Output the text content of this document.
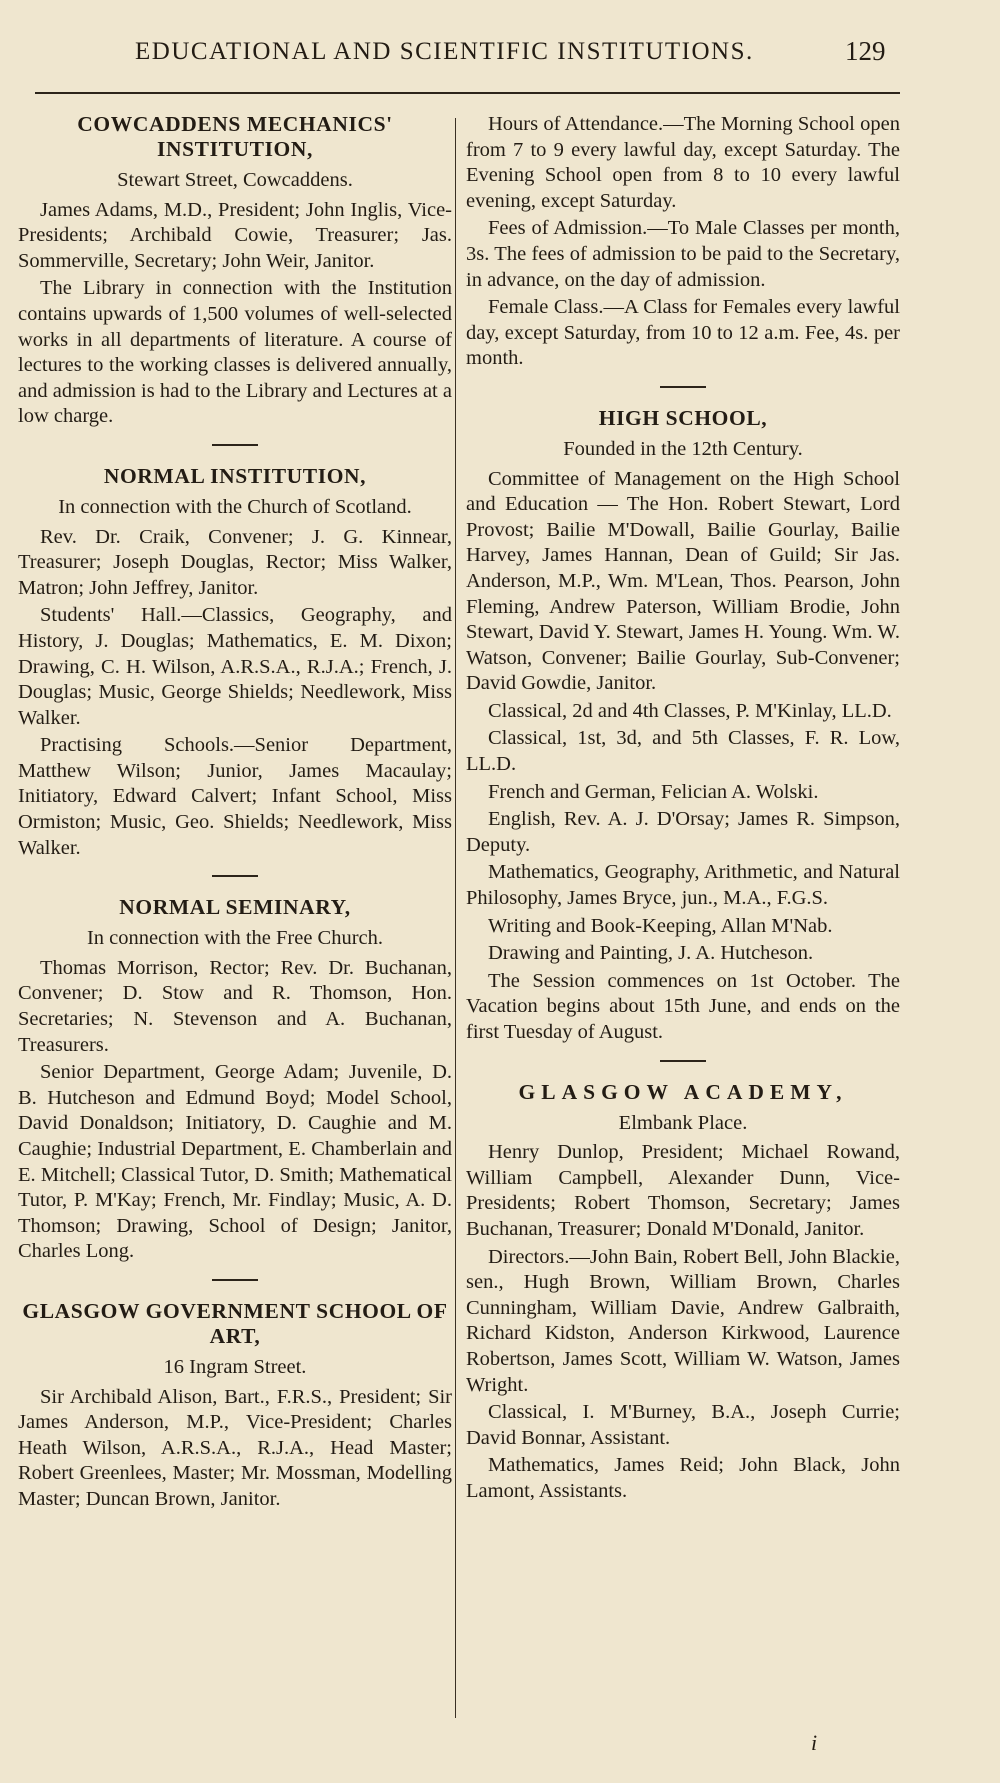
EDUCATIONAL AND SCIENTIFIC INSTITUTIONS.	129
COWCADDENS MECHANICS' INSTITUTION,
Stewart Street, Cowcaddens.

James Adams, M.D., President; John Inglis, Vice-Presidents; Archibald Cowie, Treasurer; Jas. Sommerville, Secretary; John Weir, Janitor.

The Library in connection with the Institution contains upwards of 1,500 volumes of well-selected works in all departments of literature. A course of lectures to the working classes is delivered annually, and admission is had to the Library and Lectures at a low charge.

NORMAL INSTITUTION,
In connection with the Church of Scotland.

Rev. Dr. Craik, Convener; J. G. Kinnear, Treasurer; Joseph Douglas, Rector; Miss Walker, Matron; John Jeffrey, Janitor.

Students' Hall.—Classics, Geography, and History, J. Douglas; Mathematics, E. M. Dixon; Drawing, C. H. Wilson, A.R.S.A., R.J.A.; French, J. Douglas; Music, George Shields; Needlework, Miss Walker.

Practising Schools.—Senior Department, Matthew Wilson; Junior, James Macaulay; Initiatory, Edward Calvert; Infant School, Miss Ormiston; Music, Geo. Shields; Needlework, Miss Walker.

NORMAL SEMINARY,
In connection with the Free Church.

Thomas Morrison, Rector; Rev. Dr. Buchanan, Convener; D. Stow and R. Thomson, Hon. Secretaries; N. Stevenson and A. Buchanan, Treasurers.

Senior Department, George Adam; Juvenile, D. B. Hutcheson and Edmund Boyd; Model School, David Donaldson; Initiatory, D. Caughie and M. Caughie; Industrial Department, E. Chamberlain and E. Mitchell; Classical Tutor, D. Smith; Mathematical Tutor, P. M'Kay; French, Mr. Findlay; Music, A. D. Thomson; Drawing, School of Design; Janitor, Charles Long.

GLASGOW GOVERNMENT SCHOOL OF ART,
16 Ingram Street.

Sir Archibald Alison, Bart., F.R.S., President; Sir James Anderson, M.P., Vice-President; Charles Heath Wilson, A.R.S.A., R.J.A., Head Master; Robert Greenlees, Master; Mr. Mossman, Modelling Master; Duncan Brown, Janitor.

Hours of Attendance.—The Morning School open from 7 to 9 every lawful day, except Saturday. The Evening School open from 8 to 10 every lawful evening, except Saturday.

Fees of Admission.—To Male Classes per month, 3s. The fees of admission to be paid to the Secretary, in advance, on the day of admission.

Female Class.—A Class for Females every lawful day, except Saturday, from 10 to 12 a.m. Fee, 4s. per month.

HIGH SCHOOL,
Founded in the 12th Century.

Committee of Management on the High School and Education — The Hon. Robert Stewart, Lord Provost; Bailie M'Dowall, Bailie Gourlay, Bailie Harvey, James Hannan, Dean of Guild; Sir Jas. Anderson, M.P., Wm. M'Lean, Thos. Pearson, John Fleming, Andrew Paterson, William Brodie, John Stewart, David Y. Stewart, James H. Young. Wm. W. Watson, Convener; Bailie Gourlay, Sub-Convener; David Gowdie, Janitor.

Classical, 2d and 4th Classes, P. M'Kinlay, LL.D.

Classical, 1st, 3d, and 5th Classes, F. R. Low, LL.D.

French and German, Felician A. Wolski.

English, Rev. A. J. D'Orsay; James R. Simpson, Deputy.

Mathematics, Geography, Arithmetic, and Natural Philosophy, James Bryce, jun., M.A., F.G.S.

Writing and Book-Keeping, Allan M'Nab.

Drawing and Painting, J. A. Hutcheson.

The Session commences on 1st October. The Vacation begins about 15th June, and ends on the first Tuesday of August.

GLASGOW ACADEMY,
Elmbank Place.

Henry Dunlop, President; Michael Rowand, William Campbell, Alexander Dunn, Vice-Presidents; Robert Thomson, Secretary; James Buchanan, Treasurer; Donald M'Donald, Janitor.

Directors.—John Bain, Robert Bell, John Blackie, sen., Hugh Brown, William Brown, Charles Cunningham, William Davie, Andrew Galbraith, Richard Kidston, Anderson Kirkwood, Laurence Robertson, James Scott, William W. Watson, James Wright.

Classical, I. M'Burney, B.A., Joseph Currie; David Bonnar, Assistant.

Mathematics, James Reid; John Black, John Lamont, Assistants.

i
